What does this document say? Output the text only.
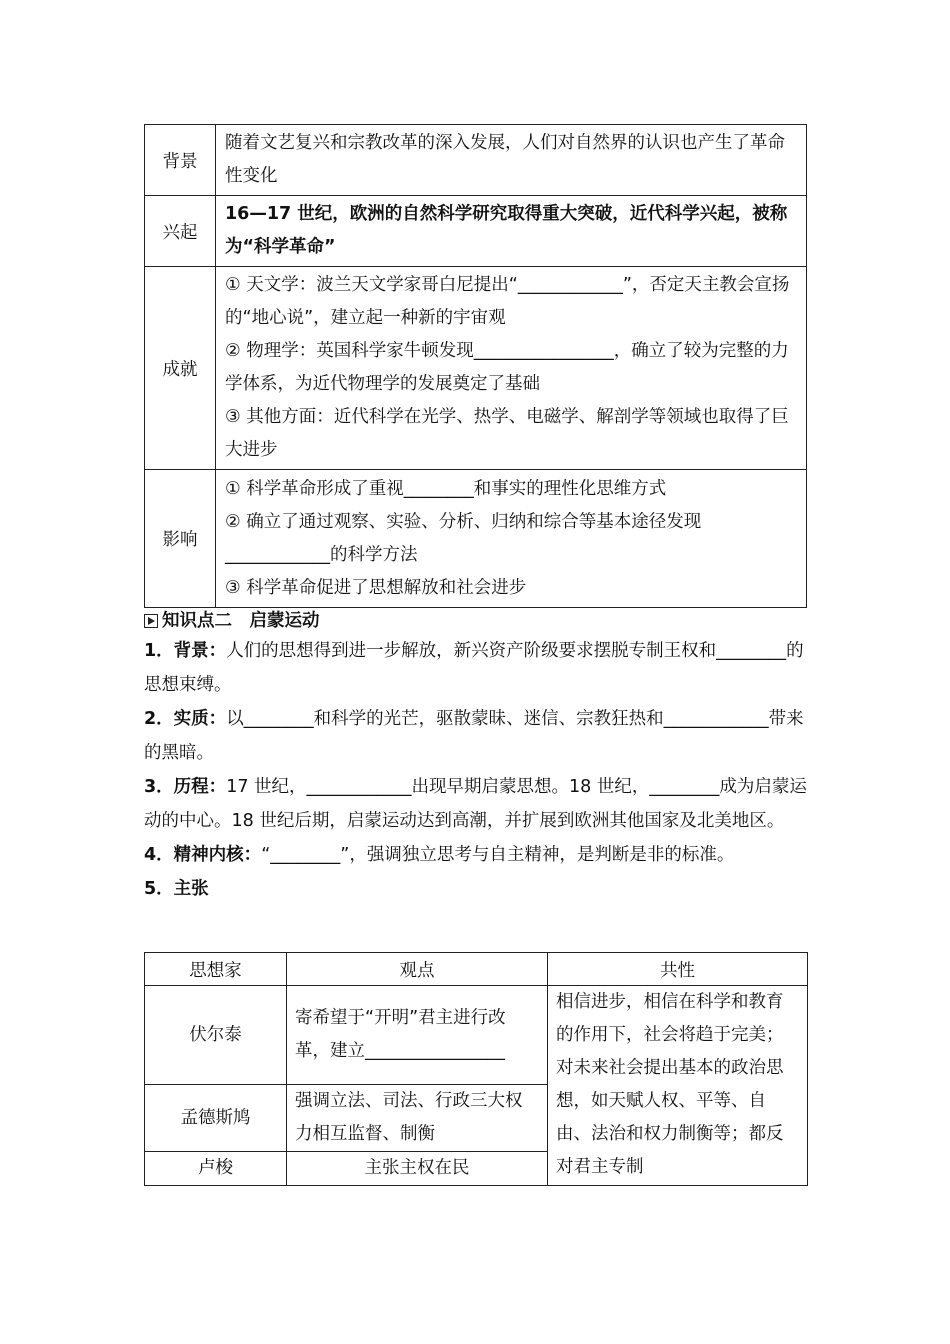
背景	随着文艺复兴和宗教改革的深入发展，人们对自然界的认识也产生了革命性变化

兴起	16—17 世纪，欧洲的自然科学研究取得重大突破，近代科学兴起，被称为“科学革命”

成就	① 天文学：波兰天文学家哥白尼提出“____________”，否定天主教会宣扬的“地心说”，建立起一种新的宇宙观
② 物理学：英国科学家牛顿发现________________，确立了较为完整的力学体系，为近代物理学的发展奠定了基础
③ 其他方面：近代科学在光学、热学、电磁学、解剖学等领域也取得了巨大进步

影响	① 科学革命形成了重视________和事实的理性化思维方式
② 确立了通过观察、实验、分析、归纳和综合等基本途径发现____________的科学方法
③ 科学革命促进了思想解放和社会进步
知识点二　启蒙运动
1．背景：人们的思想得到进一步解放，新兴资产阶级要求摆脱专制王权和________的思想束缚。
2．实质：以________和科学的光芒，驱散蒙昧、迷信、宗教狂热和____________带来的黑暗。
3．历程：17 世纪，____________出现早期启蒙思想。18 世纪，________成为启蒙运动的中心。18 世纪后期，启蒙运动达到高潮，并扩展到欧洲其他国家及北美地区。
4．精神内核：“________”，强调独立思考与自主精神，是判断是非的标准。
5．主张
思想家	观点	共性
伏尔泰	寄希望于“开明”君主进行改革，建立________________	相信进步，相信在科学和教育的作用下，社会将趋于完美；对未来社会提出基本的政治思想，如天赋人权、平等、自由、法治和权力制衡等；都反对君主专制
孟德斯鸠	强调立法、司法、行政三大权力相互监督、制衡	
卢梭	主张主权在民	
